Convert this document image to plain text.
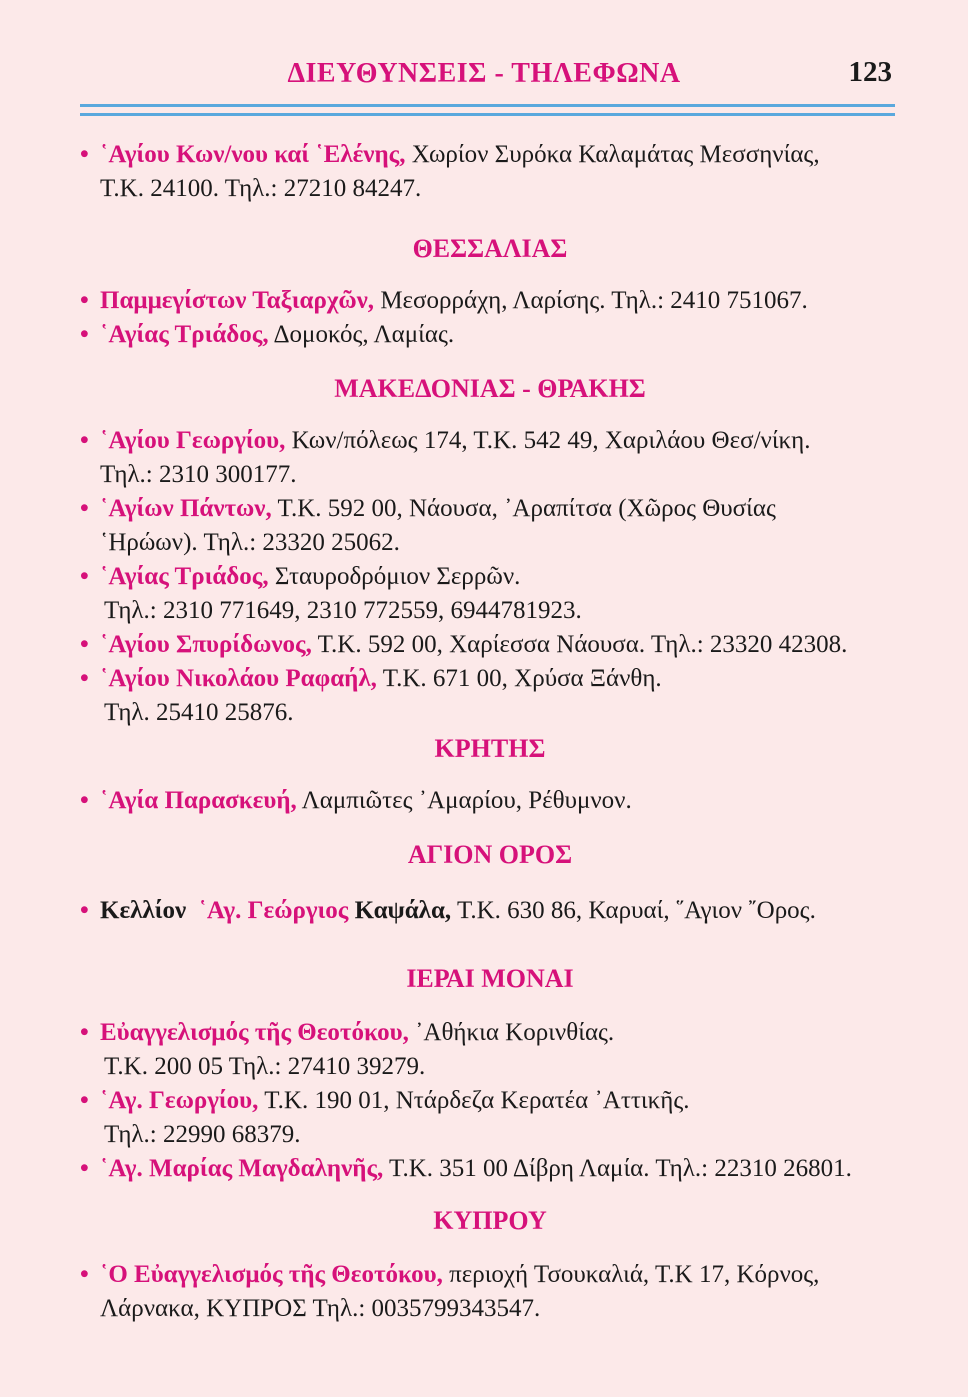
ΔΙΕΥΘΥΝΣΕΙΣ - ΤΗΛΕΦΩΝΑ	123
• ῾Αγίου Κων/νου καί ῾Ελένης, Χωρίον Συρόκα Καλαμάτας Μεσσηνίας,
Τ.Κ. 24100. Τηλ.: 27210 84247.
ΘΕΣΣΑΛΙΑΣ
• Παμμεγίστων Ταξιαρχῶν, Μεσορράχη, Λαρίσης. Τηλ.: 2410 751067.
• ῾Αγίας Τριάδος, Δομοκός, Λαμίας.
ΜΑΚΕΔΟΝΙΑΣ - ΘΡΑΚΗΣ
• ῾Αγίου Γεωργίου, Κων/πόλεως 174, Τ.Κ. 542 49, Χαριλάου Θεσ/νίκη.
Τηλ.: 2310 300177.
• ῾Αγίων Πάντων, Τ.Κ. 592 00, Νάουσα, ᾿Αραπίτσα (Χῶρος Θυσίας
῾Ηρώων). Τηλ.: 23320 25062.
• ῾Αγίας Τριάδος, Σταυροδρόμιον Σερρῶν.
Τηλ.: 2310 771649, 2310 772559, 6944781923.
• ῾Αγίου Σπυρίδωνος, Τ.Κ. 592 00, Χαρίεσσα Νάουσα. Τηλ.: 23320 42308.
• ῾Αγίου Νικολάου Ραφαήλ, Τ.Κ. 671 00, Χρύσα Ξάνθη.
Τηλ. 25410 25876.
ΚΡΗΤΗΣ
• ῾Αγία Παρασκευή, Λαμπιῶτες ᾿Αμαρίου, Ρέθυμνον.
ΑΓΙΟΝ ΟΡΟΣ
• Κελλίον  ῾Αγ. Γεώργιος Καψάλα, Τ.Κ. 630 86, Καρυαί, ῞Αγιον ῎Ορος.
ΙΕΡΑΙ ΜΟΝΑΙ
• Εὐαγγελισμός τῆς Θεοτόκου, ᾿Αθήκια Κορινθίας.
Τ.Κ. 200 05 Τηλ.: 27410 39279.
• ῾Αγ. Γεωργίου, Τ.Κ. 190 01, Ντάρδεζα Κερατέα ᾿Αττικῆς.
Τηλ.: 22990 68379.
• ῾Αγ. Μαρίας Μαγδαληνῆς, Τ.Κ. 351 00 Δίβρη Λαμία. Τηλ.: 22310 26801.
ΚΥΠΡΟΥ
• ῾Ο Εὐαγγελισμός τῆς Θεοτόκου, περιοχή Τσουκαλιά, Τ.Κ 17, Κόρνος,
Λάρνακα, ΚΥΠΡΟΣ Τηλ.: 0035799343547.
